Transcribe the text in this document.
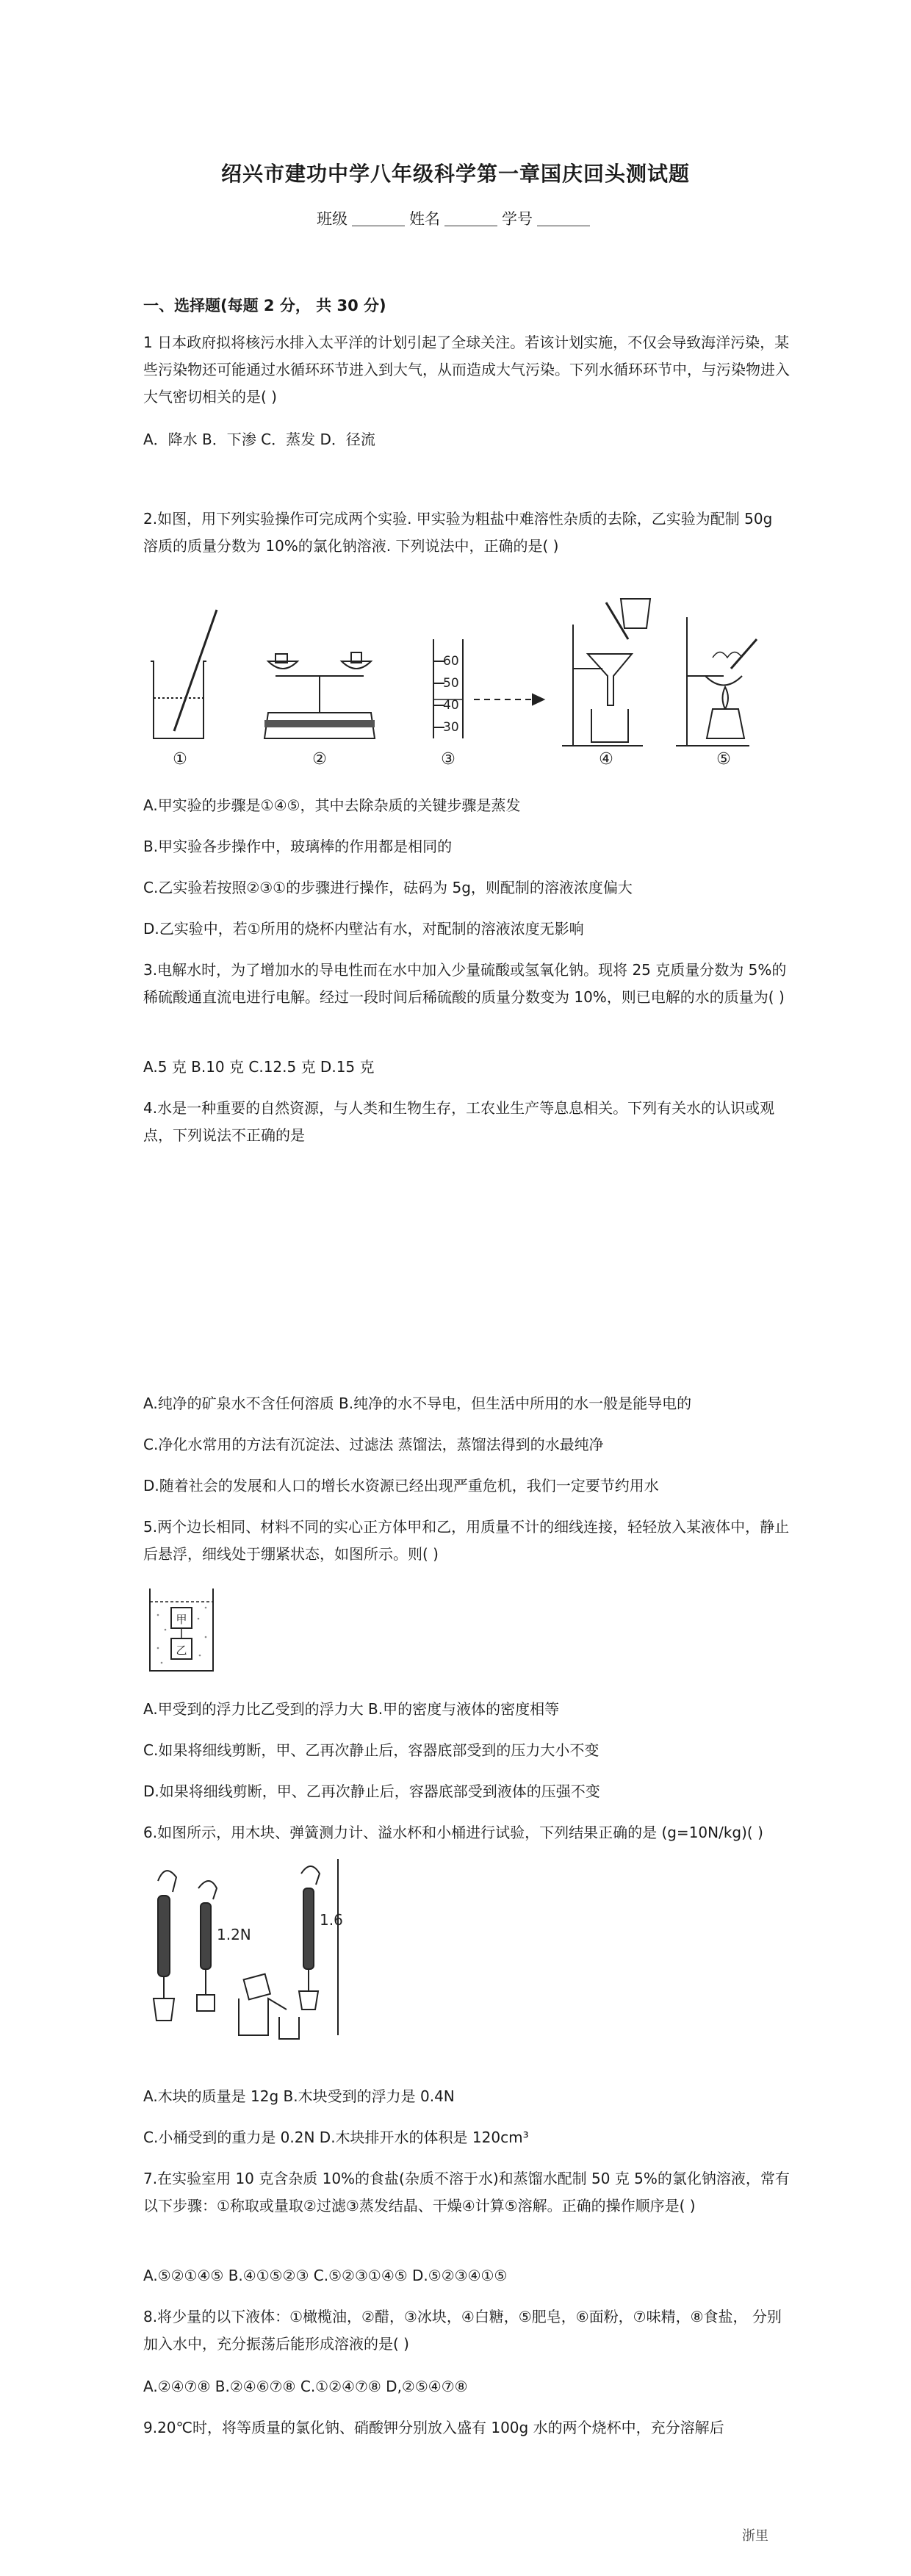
绍兴市建功中学八年级科学第一章国庆回头测试题
班级	姓名	学号
一、选择题(每题 2 分， 共 30 分)

1 日本政府拟将核污水排入太平洋的计划引起了全球关注。若该计划实施，不仅会导致海洋污染，某些污染物还可能通过水循环环节进入到大气，从而造成大气污染。下列水循环环节中，与污染物进入大气密切相关的是( )

A．降水 B．下渗 C．蒸发 D．径流

2.如图，用下列实验操作可完成两个实验. 甲实验为粗盐中难溶性杂质的去除，乙实验为配制 50g 溶质的质量分数为 10%的氯化钠溶液. 下列说法中，正确的是( )

60
50
40
30
①	②	③	④	⑤

A.甲实验的步骤是①④⑤，其中去除杂质的关键步骤是蒸发

B.甲实验各步操作中，玻璃棒的作用都是相同的

C.乙实验若按照②③①的步骤进行操作，砝码为 5g，则配制的溶液浓度偏大

D.乙实验中，若①所用的烧杯内壁沾有水，对配制的溶液浓度无影响

3.电解水时，为了增加水的导电性而在水中加入少量硫酸或氢氧化钠。现将 25 克质量分数为 5%的稀硫酸通直流电进行电解。经过一段时间后稀硫酸的质量分数变为 10%，则已电解的水的质量为( )

A.5 克 B.10 克 C.12.5 克 D.15 克

4.水是一种重要的自然资源，与人类和生物生存，工农业生产等息息相关。下列有关水的认识或观点，下列说法不正确的是

A.纯净的矿泉水不含任何溶质 B.纯净的水不导电，但生活中所用的水一般是能导电的

C.净化水常用的方法有沉淀法、过滤法 蒸馏法，蒸馏法得到的水最纯净

D.随着社会的发展和人口的增长水资源已经出现严重危机，我们一定要节约用水

5.两个边长相同、材料不同的实心正方体甲和乙，用质量不计的细线连接，轻轻放入某液体中，静止后悬浮，细线处于绷紧状态，如图所示。则( )

甲
乙

A.甲受到的浮力比乙受到的浮力大 B.甲的密度与液体的密度相等

C.如果将细线剪断，甲、乙再次静止后，容器底部受到的压力大小不变

D.如果将细线剪断，甲、乙再次静止后，容器底部受到液体的压强不变

6.如图所示，用木块、弹簧测力计、溢水杯和小桶进行试验，下列结果正确的是 (g=10N/kg)( )

1.2N
1.6

A.木块的质量是 12g B.木块受到的浮力是 0.4N

C.小桶受到的重力是 0.2N D.木块排开水的体积是 120cm³

7.在实验室用 10 克含杂质 10%的食盐(杂质不溶于水)和蒸馏水配制 50 克 5%的氯化钠溶液，常有以下步骤：①称取或量取②过滤③蒸发结晶、干燥④计算⑤溶解。正确的操作顺序是( )

A.⑤②①④⑤ B.④①⑤②③ C.⑤②③①④⑤ D.⑤②③④①⑤

8.将少量的以下液体：①橄榄油，②醋，③冰块，④白糖，⑤肥皂，⑥面粉，⑦味精，⑧食盐， 分别加入水中，充分振荡后能形成溶液的是( )

A.②④⑦⑧ B.②④⑥⑦⑧ C.①②④⑦⑧ D,②⑤④⑦⑧

9.20℃时，将等质量的氯化钠、硝酸钾分别放入盛有 100g 水的两个烧杯中，充分溶解后

浙里
